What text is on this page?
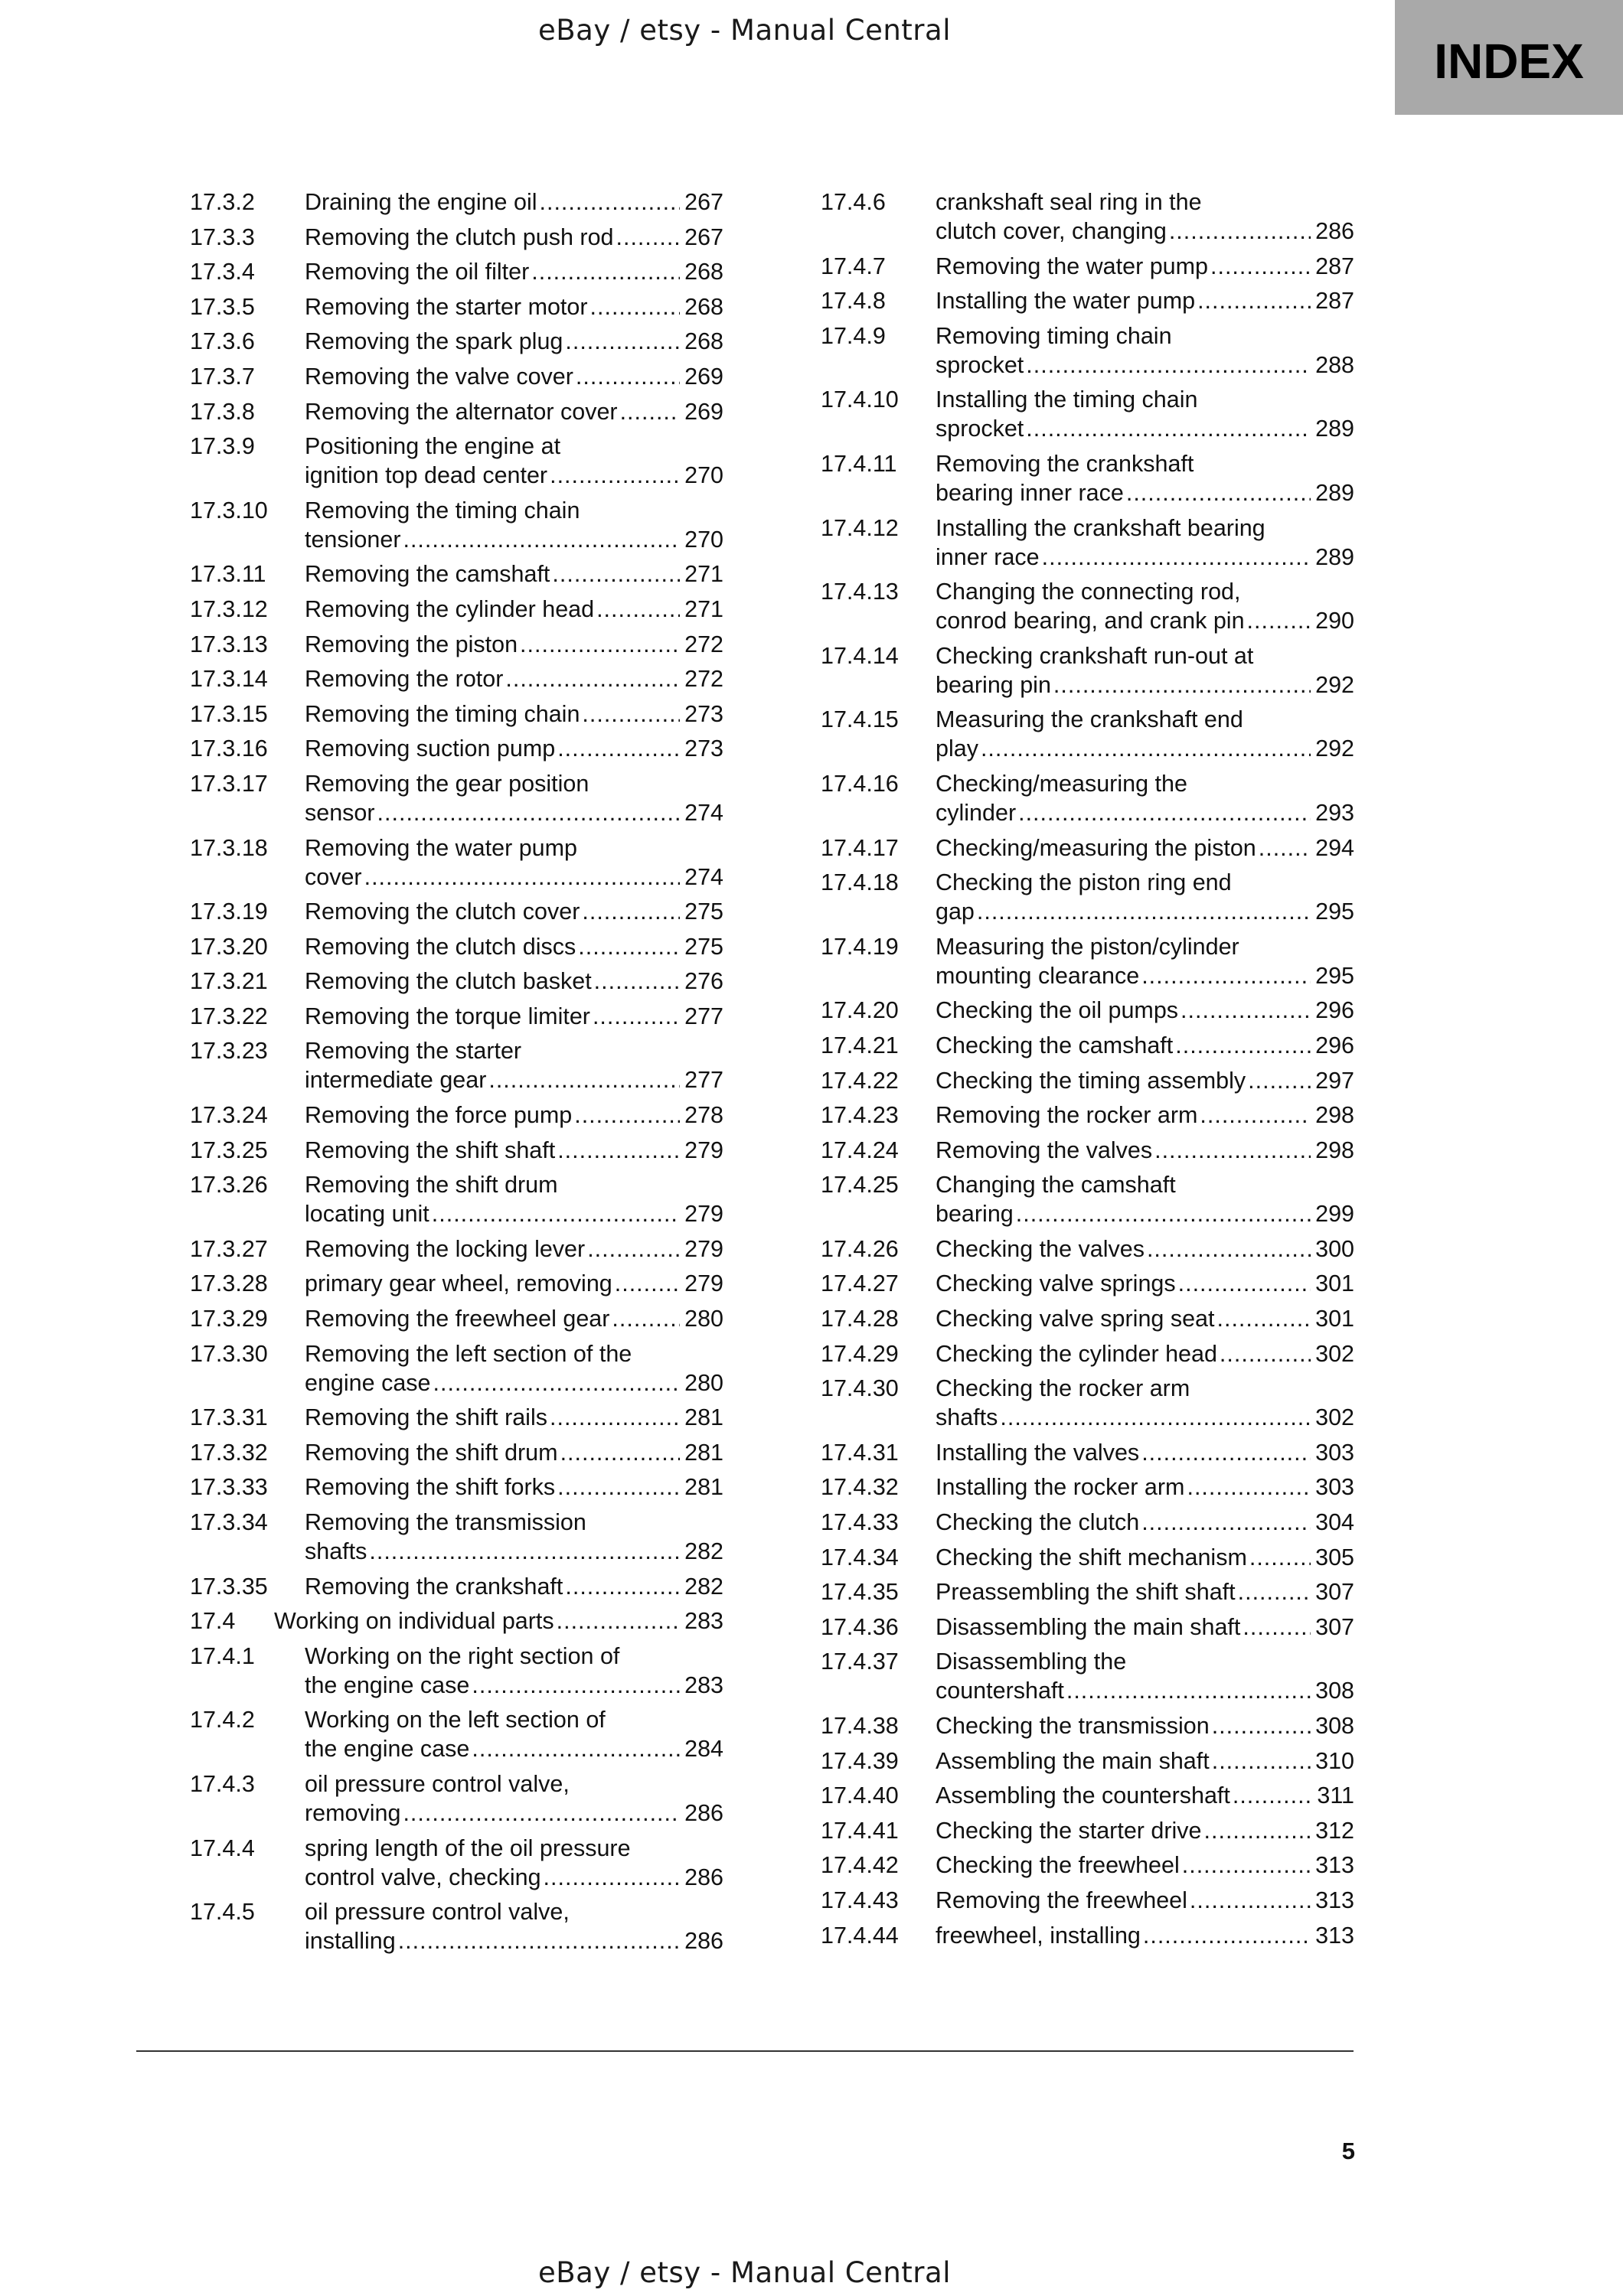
eBay / etsy - Manual Central
INDEX
17.3.2	Draining the engine oil .....	267
17.3.3	Removing the clutch push rod .....	267
17.3.4	Removing the oil filter .....	268
17.3.5	Removing the starter motor .....	268
17.3.6	Removing the spark plug .....	268
17.3.7	Removing the valve cover .....	269
17.3.8	Removing the alternator cover .....	269
17.3.9	Positioning the engine at
ignition top dead center .....	270
17.3.10	Removing the timing chain
tensioner .....	270
17.3.11	Removing the camshaft .....	271
17.3.12	Removing the cylinder head .....	271
17.3.13	Removing the piston .....	272
17.3.14	Removing the rotor .....	272
17.3.15	Removing the timing chain .....	273
17.3.16	Removing suction pump .....	273
17.3.17	Removing the gear position
sensor .....	274
17.3.18	Removing the water pump
cover .....	274
17.3.19	Removing the clutch cover .....	275
17.3.20	Removing the clutch discs .....	275
17.3.21	Removing the clutch basket .....	276
17.3.22	Removing the torque limiter .....	277
17.3.23	Removing the starter
intermediate gear .....	277
17.3.24	Removing the force pump .....	278
17.3.25	Removing the shift shaft .....	279
17.3.26	Removing the shift drum
locating unit .....	279
17.3.27	Removing the locking lever .....	279
17.3.28	primary gear wheel, removing .....	279
17.3.29	Removing the freewheel gear .....	280
17.3.30	Removing the left section of the
engine case .....	280
17.3.31	Removing the shift rails .....	281
17.3.32	Removing the shift drum .....	281
17.3.33	Removing the shift forks .....	281
17.3.34	Removing the transmission
shafts .....	282
17.3.35	Removing the crankshaft .....	282
17.4	Working on individual parts .....	283
17.4.1	Working on the right section of
the engine case .....	283
17.4.2	Working on the left section of
the engine case .....	284
17.4.3	oil pressure control valve,
removing .....	286
17.4.4	spring length of the oil pressure
control valve, checking .....	286
17.4.5	oil pressure control valve,
installing .....	286
17.4.6	crankshaft seal ring in the
clutch cover, changing .....	286
17.4.7	Removing the water pump .....	287
17.4.8	Installing the water pump .....	287
17.4.9	Removing timing chain
sprocket .....	288
17.4.10	Installing the timing chain
sprocket .....	289
17.4.11	Removing the crankshaft
bearing inner race .....	289
17.4.12	Installing the crankshaft bearing
inner race .....	289
17.4.13	Changing the connecting rod,
conrod bearing, and crank pin .....	290
17.4.14	Checking crankshaft run-out at
bearing pin .....	292
17.4.15	Measuring the crankshaft end
play .....	292
17.4.16	Checking/measuring the
cylinder .....	293
17.4.17	Checking/measuring the piston .....	294
17.4.18	Checking the piston ring end
gap .....	295
17.4.19	Measuring the piston/cylinder
mounting clearance .....	295
17.4.20	Checking the oil pumps .....	296
17.4.21	Checking the camshaft .....	296
17.4.22	Checking the timing assembly .....	297
17.4.23	Removing the rocker arm .....	298
17.4.24	Removing the valves .....	298
17.4.25	Changing the camshaft
bearing .....	299
17.4.26	Checking the valves .....	300
17.4.27	Checking valve springs .....	301
17.4.28	Checking valve spring seat .....	301
17.4.29	Checking the cylinder head .....	302
17.4.30	Checking the rocker arm
shafts .....	302
17.4.31	Installing the valves .....	303
17.4.32	Installing the rocker arm .....	303
17.4.33	Checking the clutch .....	304
17.4.34	Checking the shift mechanism .....	305
17.4.35	Preassembling the shift shaft .....	307
17.4.36	Disassembling the main shaft .....	307
17.4.37	Disassembling the
countershaft .....	308
17.4.38	Checking the transmission .....	308
17.4.39	Assembling the main shaft .....	310
17.4.40	Assembling the countershaft .....	311
17.4.41	Checking the starter drive .....	312
17.4.42	Checking the freewheel .....	313
17.4.43	Removing the freewheel .....	313
17.4.44	freewheel, installing .....	313
5
eBay / etsy - Manual Central
